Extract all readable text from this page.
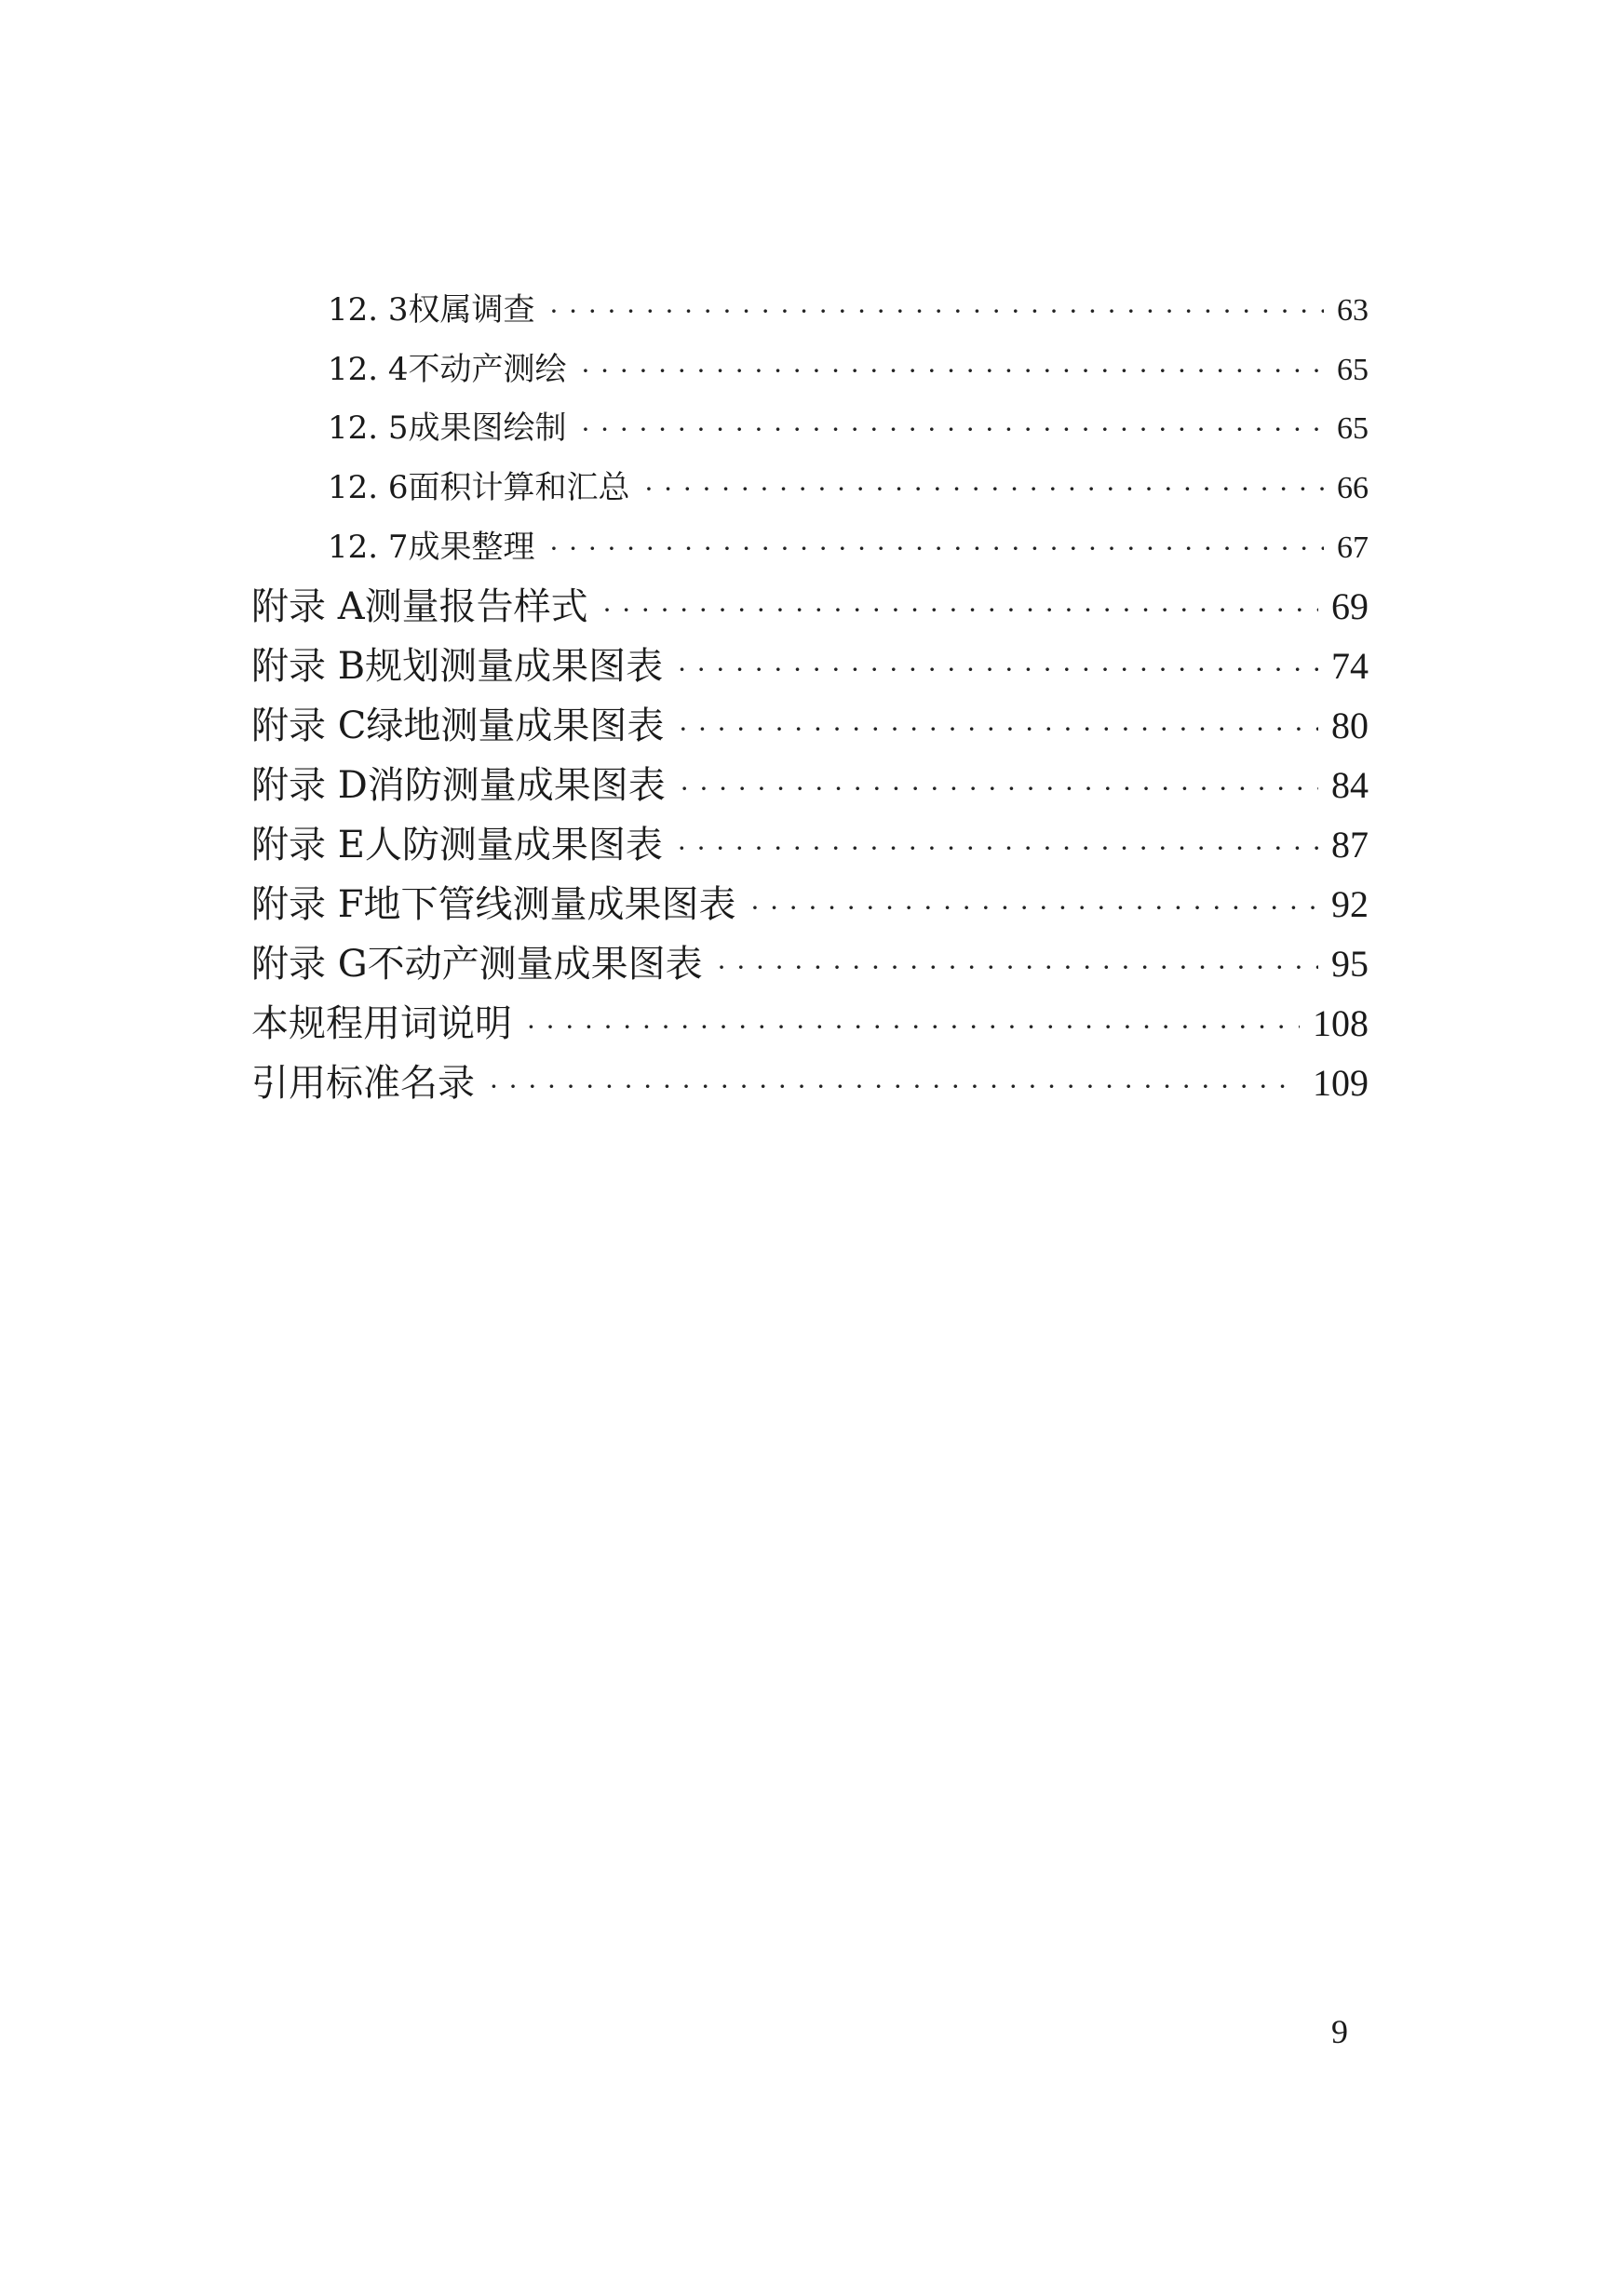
12. 3 权属调查 ·····	63
12. 4 不动产测绘 ·····	65
12. 5 成果图绘制 ·····	65
12. 6 面积计算和汇总 ·····	66
12. 7 成果整理 ·····	67
附录 A 测量报告样式 ·····	69
附录 B 规划测量成果图表 ·····	74
附录 C 绿地测量成果图表 ·····	80
附录 D 消防测量成果图表 ·····	84
附录 E 人防测量成果图表 ·····	87
附录 F 地下管线测量成果图表 ·····	92
附录 G 不动产测量成果图表 ·····	95
本规程用词说明 ·····	108
引用标准名录 ·····	109
9
